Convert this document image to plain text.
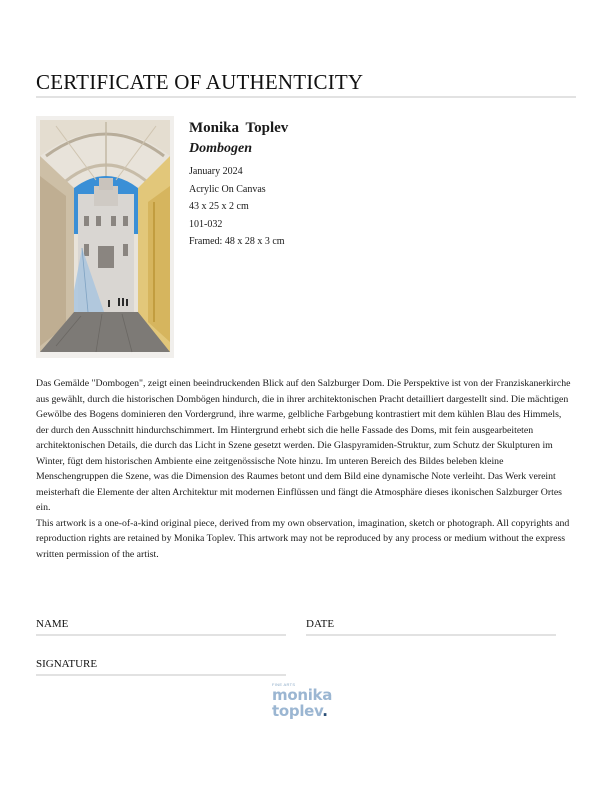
CERTIFICATE OF AUTHENTICITY
Monika Toplev
Dombogen
January 2024
Acrylic On Canvas
43 x 25 x 2 cm
101-032
Framed: 48 x 28 x 3 cm

Das Gemälde "Dombogen", zeigt einen beeindruckenden Blick auf den Salzburger Dom. Die Perspektive ist von der Franziskanerkirche aus gewählt, durch die historischen Dombögen hindurch, die in ihrer architektonischen Pracht detailliert dargestellt sind. Die mächtigen Gewölbe des Bogens dominieren den Vordergrund, ihre warme, gelbliche Farbgebung kontrastiert mit dem kühlen Blau des Himmels, der durch den Ausschnitt hindurchschimmert. Im Hintergrund erhebt sich die helle Fassade des Doms, mit fein ausgearbeiteten architektonischen Details, die durch das Licht in Szene gesetzt werden. Die Glaspyramiden-Struktur, zum Schutz der Skulpturen im Winter, fügt dem historischen Ambiente eine zeitgenössische Note hinzu. Im unteren Bereich des Bildes beleben kleine Menschengruppen die Szene, was die Dimension des Raumes betont und dem Bild eine dynamische Note verleiht. Das Werk vereint meisterhaft die Elemente der alten Architektur mit modernen Einflüssen und fängt die Atmosphäre dieses ikonischen Salzburger Ortes ein.

This artwork is a one-of-a-kind original piece, derived from my own observation, imagination, sketch or photograph. All copyrights and reproduction rights are retained by Monika Toplev. This artwork may not be reproduced by any process or medium without the express written permission of the artist.

NAME	DATE
SIGNATURE
FINE ARTS
monika
toplev.
